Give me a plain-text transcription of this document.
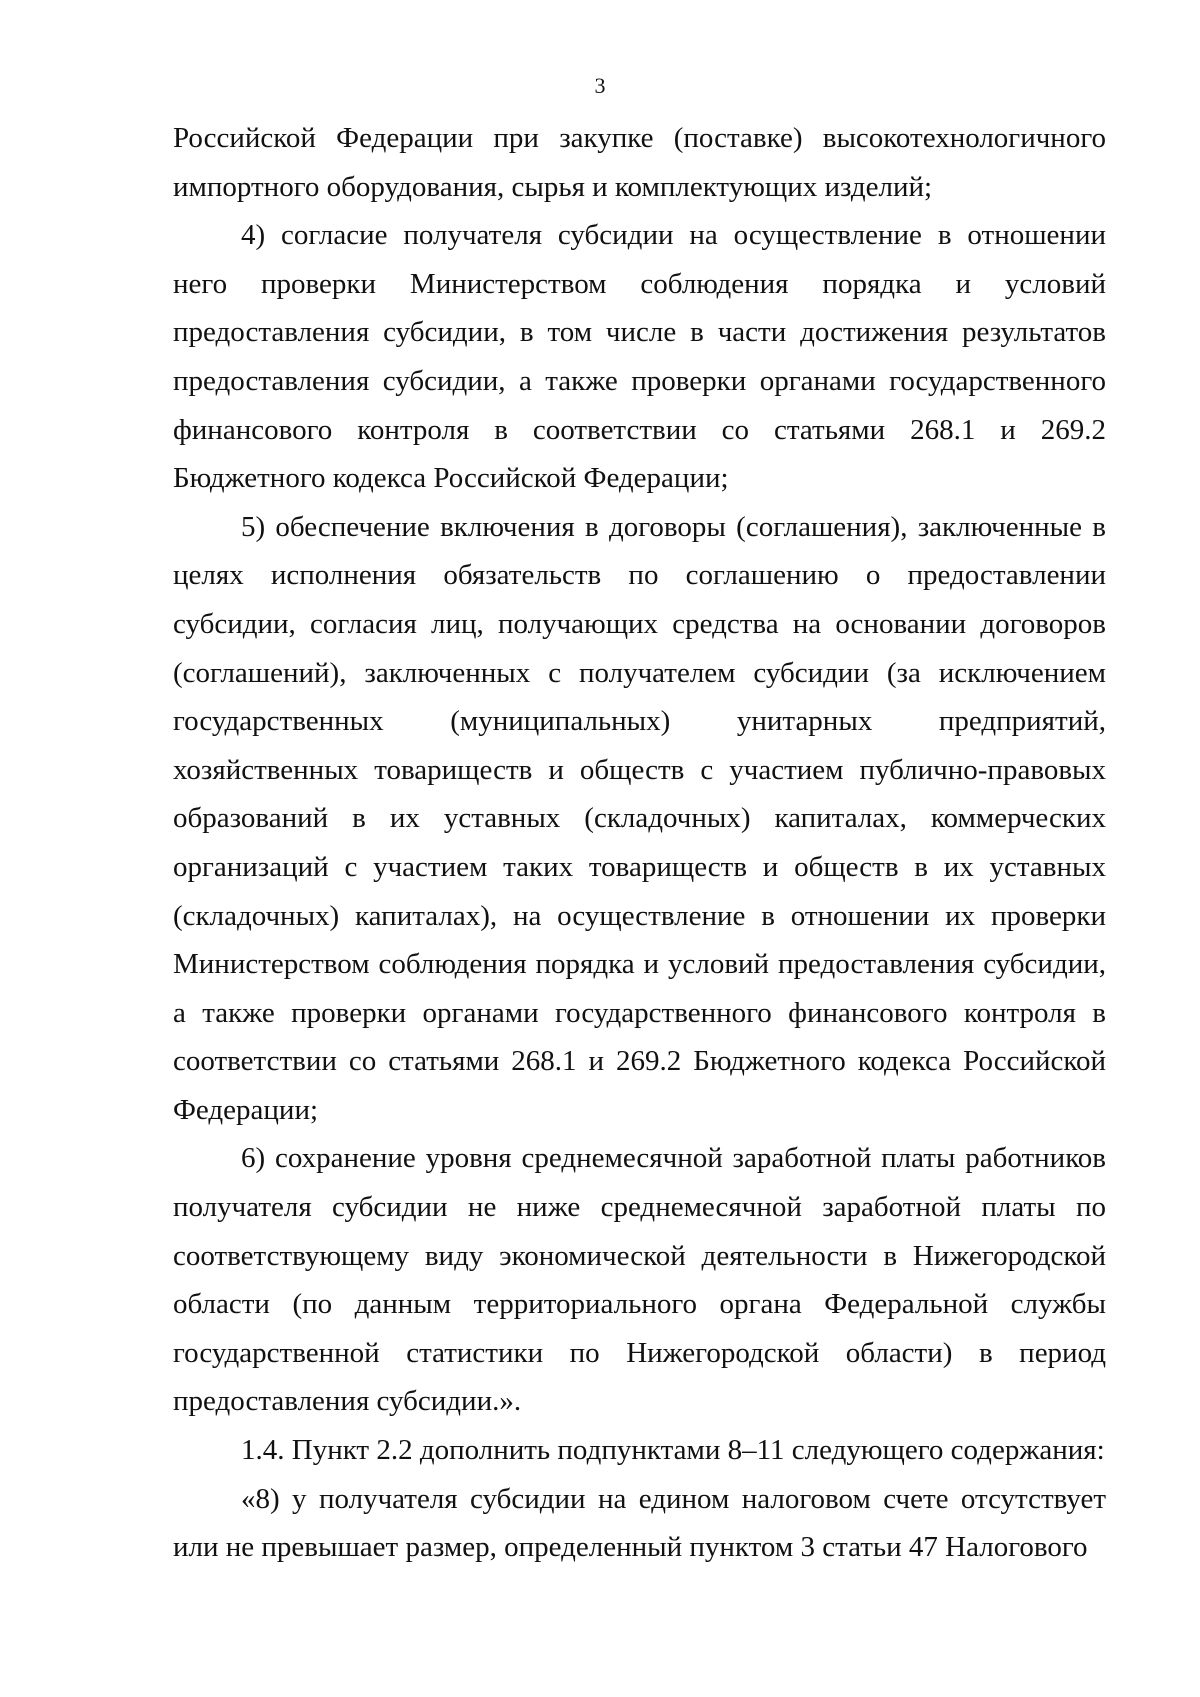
3

Российской Федерации при закупке (поставке) высокотехнологичного импортного оборудования, сырья и комплектующих изделий;

4) согласие получателя субсидии на осуществление в отношении него проверки Министерством соблюдения порядка и условий предоставления субсидии, в том числе в части достижения результатов предоставления субсидии, а также проверки органами государственного финансового контроля в соответствии со статьями 268.1 и 269.2 Бюджетного кодекса Российской Федерации;

5) обеспечение включения в договоры (соглашения), заключенные в целях исполнения обязательств по соглашению о предоставлении субсидии, согласия лиц, получающих средства на основании договоров (соглашений), заключенных с получателем субсидии (за исключением государственных (муниципальных) унитарных предприятий, хозяйственных товариществ и обществ с участием публично-правовых образований в их уставных (складочных) капиталах, коммерческих организаций с участием таких товариществ и обществ в их уставных (складочных) капиталах), на осуществление в отношении их проверки Министерством соблюдения порядка и условий предоставления субсидии, а также проверки органами государственного финансового контроля в соответствии со статьями 268.1 и 269.2 Бюджетного кодекса Российской Федерации;

6) сохранение уровня среднемесячной заработной платы работников получателя субсидии не ниже среднемесячной заработной платы по соответствующему виду экономической деятельности в Нижегородской области (по данным территориального органа Федеральной службы государственной статистики по Нижегородской области) в период предоставления субсидии.».

1.4. Пункт 2.2 дополнить подпунктами 8–11 следующего содержания:

«8) у получателя субсидии на едином налоговом счете отсутствует или не превышает размер, определенный пунктом 3 статьи 47 Налогового
